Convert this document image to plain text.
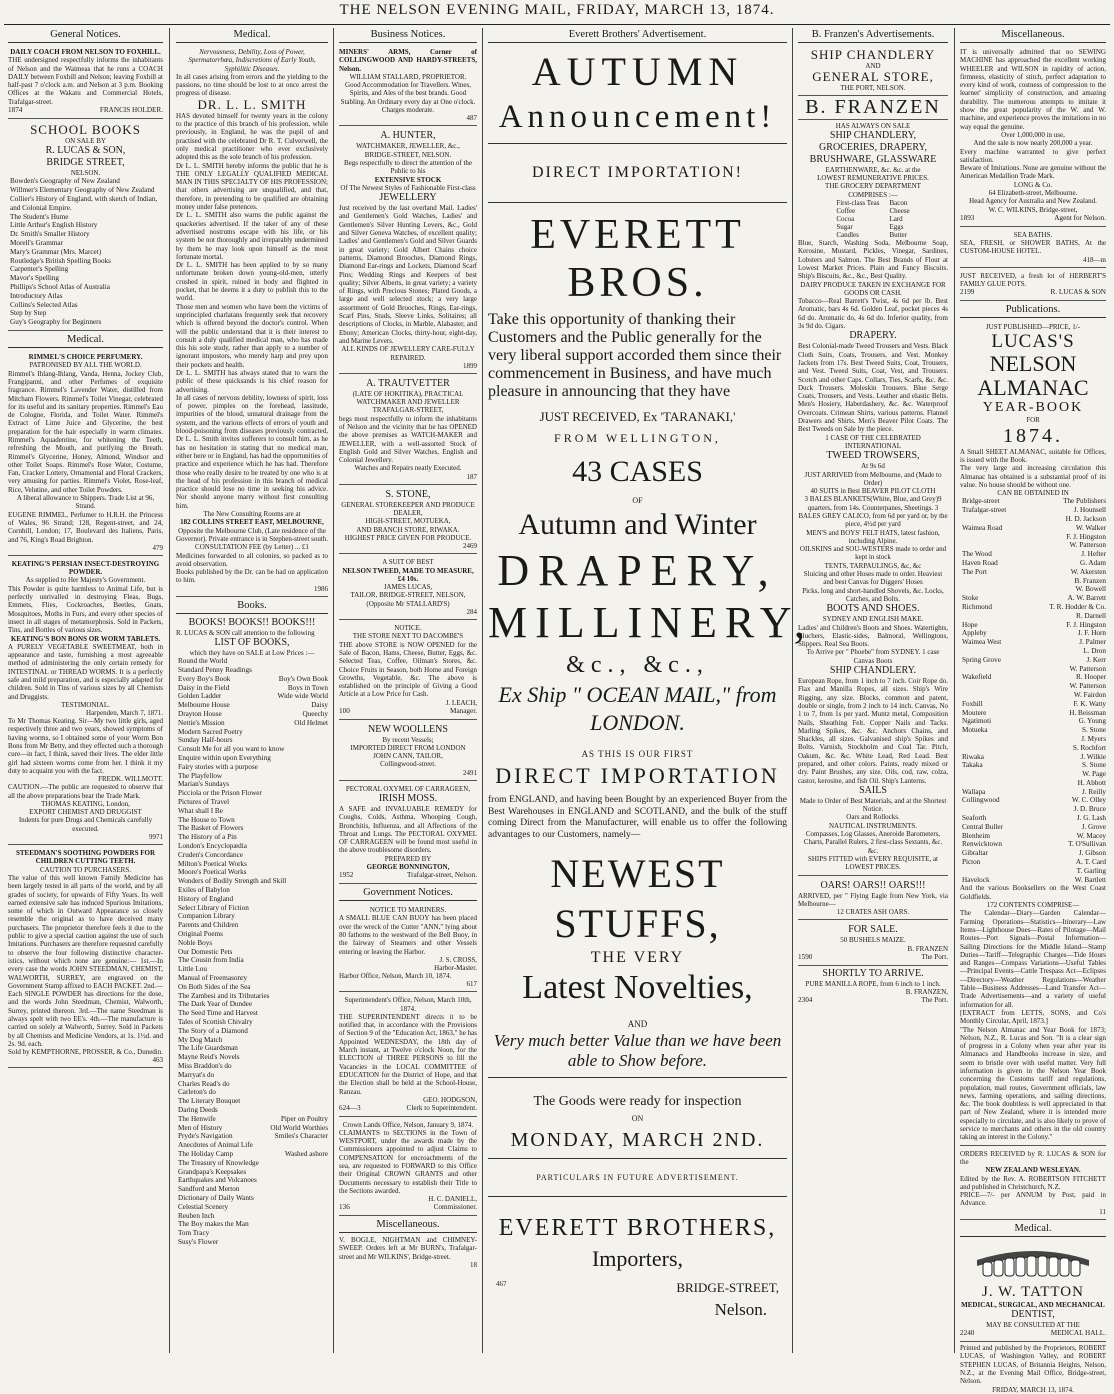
THE NELSON EVENING MAIL, FRIDAY, MARCH 13, 1874.
General Notices.
DAILY COACH FROM NELSON TO FOXHILL.
THE undersigned respectfully informs the inhabitants of Nelson and the Waimeas that he runs a COACH DAILY between Foxhill and Nelson; leaving Foxhill at half-past 7 o'clock a.m. and Nelson at 3 p.m. Booking Offices at the Wakatu and Commercial Hotels, Trafalgar-street.
1874	FRANCIS HOLDER.
SCHOOL BOOKS
ON SALE BY
R. LUCAS & SON,
BRIDGE STREET,
NELSON.
Bowden's Geography of New Zealand
Willmer's Elementary Geography of New Zealand
Collier's History of England, with sketch of Indian, and Colonial Empire.
The Student's Hume
Little Arthur's English History
Dr. Smith's Smaller History
Morell's Grammar
Mary's Grammar (Mrs. Marcet)
Routledge's British Spelling Books
Carpenter's Spelling
Mavor's Spelling
Phillips's School Atlas of Australia
Introductory Atlas
Collins's Selected Atlas
Step by Step
Guy's Geography for Beginners
Medical.
RIMMEL'S CHOICE PERFUMERY.
PATRONISED BY ALL THE WORLD.
Rimmel's Ihlang-Ihlang, Vanda, Henna, Jockey Club, Frangipanni, and other Perfumes of exquisite fragrance. Rimmel's Lavender Water, distilled from Mitcham Flowers. Rimmel's Toilet Vinegar, celebrated for its useful and its sanitary properties. Rimmel's Eau de Cologne, Florida, and Toilet Water. Rimmel's Extract of Lime Juice and Glycerine, the best preparation for the hair especially in warm climates. Rimmel's Aquadentine, for whitening the Teeth, refreshing the Mouth, and purifying the Breath. Rimmel's Glycerine, Honey, Almond, Windsor and other Toilet Soaps. Rimmel's Rose Water, Costume, Fan, Cracker Lottery, Ornamental and Floral Crackers, very amusing for parties. Rimmel's Violet, Rose-leaf, Rice, Velutine, and other Toilet Powders.
A liberal allowance to Shippers. Trade List at 96, Strand.
EUGENE RIMMEL, Perfumer to H.R.H. the Princess of Wales, 96 Strand; 128, Regent-street, and 24, Cornhill, London; 17, Boulevard des Italiens, Paris, and 76, King's Road Brighton.
479
KEATING'S PERSIAN INSECT-DESTROYING POWDER.
As supplied to Her Majesty's Government.
This Powder is quite harmless to Animal Life, but is perfectly unrivalled in destroying Fleas, Bugs, Emmets, Flies, Cockroaches, Beetles, Gnats, Mosquitoes, Moths in Furs, and every other species of insect in all stages of metamorphosis. Sold in Packets, Tins, and Bottles of various sizes.
KEATING'S BON BONS OR WORM TABLETS.
A PURELY VEGETABLE SWEETMEAT, both in appearance and taste, furnishing a most agreeable method of administering the only certain remedy for INTESTINAL or THREAD WORMS. It is a perfectly safe and mild preparation, and is especially adapted for children. Sold in Tins of various sizes by all Chemists and Druggists.
TESTIMONIAL.
Harpenden, March 7, 1871.
To Mr Thomas Keating. Sir—My two little girls, aged respectively three and two years, showed symptoms of having worms, so I obtained some of your Worm Bon Bons from Mr Betty, and they effected such a thorough cure—in fact, I think, saved their lives. The elder little girl had sixteen worms come from her. I think it my duty to acquaint you with the fact.
FREDK. WILLMOTT.
CAUTION.—The public are requested to observe that all the above preparations bear the Trade Mark.
THOMAS KEATING, London,
EXPORT CHEMIST AND DRUGGIST
Indents for pure Drugs and Chemicals carefully executed.
9971
STEEDMAN'S SOOTHING POWDERS FOR CHILDREN CUTTING TEETH.
CAUTION TO PURCHASERS.
The value of this well known Family Medicine has been largely tested in all parts of the world, and by all grades of society, for upwards of Fifty Years. Its well earned extensive sale has induced Spurious Imitations, some of which in Outward Appearance so closely resemble the original as to have deceived many purchasers. The proprietor therefore feels it due to the public to give a special caution against the use of such Imitations. Purchasers are therefore requested carefully to observe the four following distinctive character-istics, without which none are genuine:— 1st.—In every case the words JOHN STEEDMAN, CHEMIST, WALWORTH, SURREY, are engraved on the Government Stamp affixed to EACH PACKET. 2nd.—Each SINGLE POWDER has directions for the dose, and the words John Steedman, Chemist, Walworth, Surrey, printed thereon. 3rd.—The name Steedman is always spelt with two EE's. 4th.—The manufacture is carried on solely at Walworth, Surrey. Sold in Packets by all Chemists and Medicine Vendors, at 1s. 1½d. and 2s. 9d. each.
Sold by KEMPTHORNE, PROSSER, & Co., Dunedin.
463
Medical.
Nervousness, Debility, Loss of Power, Spermatorrhœa, Indiscretions of Early Youth, Syphilitic Diseases.
In all cases arising from errors and the yielding to the passions, no time should be lost to at once arrest the progress of disease.
DR. L. L. SMITH
HAS devoted himself for twenty years in the colony to the practice of this branch of his profession, while previously, in England, he was the pupil of and practised with the celebrated Dr R. T. Culverwell, the only medical practitioner who ever exclusively adopted this as the sole branch of his profession.
Dr L. L. SMITH hereby informs the public that he is THE ONLY LEGALLY QUALIFIED MEDICAL MAN IN THIS SPECIALTY OF HIS PROFESSION; that others advertising are unqualified, and that, therefore, in pretending to be qualified are obtaining money under false pretences.
Dr L. L. SMITH also warns the public against the quackeries advertised. If the taker of any of these advertised nostrums escape with his life, or his system be not thoroughly and irreparably undermined by them he may look upon himself as the most fortunate mortal.
Dr L. L. SMITH has been applied to by so many unfortunate broken down young-old-men, utterly crushed in spirit, ruined in body and flighted in pocket, that he deems it a duty to publish this to the world.
Those men and women who have been the victims of unprincipled charlatans frequently seek that recovery which is offered beyond the doctor's control. When will the public understand that it is their interest to consult a duly qualified medical man, who has made this his sole study, rather than apply to a number of ignorant impostors, who merely harp and prey upon their pockets and health.
Dr L. L. SMITH has always stated that to warn the public of these quicksands is his chief reason for advertising.
In all cases of nervous debility, lowness of spirit, loss of power, pimples on the forehead, lassitude, impurities of the blood, unnatural drainage from the system, and the various effects of errors of youth and blood-poisoning from diseases previously contracted, Dr L. L. Smith invites sufferers to consult him, as he has no hesitation in stating that no medical man, either here or in England, has had the opportunities of practice and experience which he has had. Therefore those who really desire to be treated by one who is at the head of his profession in this branch of medical practice should lose no time in seeking his advice. Nor should anyone marry without first consulting him.
The New Consulting Rooms are at
182 COLLINS STREET EAST, MELBOURNE,
Opposite the Melbourne Club, (Late residence of the Governor). Private entrance is in Stephen-street south.
CONSULTATION FEE (by Letter) ... £1
Medicines forwarded to all colonies, so packed as to avoid observation.
Books published by the Dr. can be had on application to him.
1986
Books.
BOOKS! BOOKS!! BOOKS!!!
R. LUCAS & SON call attention to the following
LIST OF BOOKS,
which they have on SALE at Low Prices :—
Round the World
Standard Penny Readings
Every Boy's Book	Boy's Own Book
Daisy in the Field	Boys in Town
Golden Ladder	Wide wide World
Melbourne House	Daisy
Drayton House	Queechy
Nettie's Mission	Old Helmet
Modern Sacred Poetry
Sunday Half-hours
Consult Me for all you want to know
Enquire within upon Everything
Fairy stories with a purpose
The Playfellow
Marian's Sundays
Picciola or the Prison Flower
Pictures of Travel
What shall I Be
The House to Town
The Basket of Flowers
The History of a Pin
London's Encyclopædia
Cruden's Concordance
Milton's Poetical Works
Moore's Poetical Works
Wonders of Bodily Strength and Skill
Exiles of Babylon
History of England
Select Library of Fiction
Companion Library
Parents and Children
Original Poems
Noble Boys
Our Domestic Pets
The Cousin from India
Little Lou
Manual of Freemasonry
On Both Sides of the Sea
The Zambesi and its Tributaries
The Dark Year of Dundee
The Seed Time and Harvest
Tales of Scottish Chivalry
The Story of a Diamond
My Dog Match
The Life Guardsman
Mayne Reid's Novels
Miss Braddon's do
Marryat's do
Charles Read's do
Carleton's do
The Literary Bouquet
Daring Deeds
The Henwife	Piper on Poultry
Men of History	Old World Worthies
Pryde's Navigation	Smiles's Character
Anecdotes of Animal Life
The Holiday Camp	Washed ashore
The Treasury of Knowledge
Grandpapa's Keepsakes
Earthquakes and Volcanoes
Sandford and Merton
Dictionary of Daily Wants
Celestial Scenery
Reuben Inch
The Boy makes the Man
Tom Tracy
Susy's Flower
Business Notices.
MINERS' ARMS, Corner of COLLINGWOOD AND HARDY-STREETS, Nelson.
WILLIAM STALLARD, PROPRIETOR.
Good Accommodation for Travellers. Wines, Spirits, and Ales of the best brands. Good Stabling. An Ordinary every day at One o'clock. Charges moderate.
487
A. HUNTER,
WATCHMAKER, JEWELLER, &c.,
BRIDGE-STREET, NELSON.
Begs respectfully to direct the attention of the Public to his
EXTENSIVE STOCK
Of The Newest Styles of Fashionable First-class
JEWELLERY
Just received by the last overland Mail. Ladies' and Gentlemen's Gold Watches, Ladies' and Gentlemen's Silver Hunting Levers, &c., Gold and Silver Geneva Watches, of excellent quality; Ladies' and Gentlemen's Gold and Silver Guards in great variety; Gold Albert Chains choice patterns, Diamond Brooches, Diamond Rings, Diamond Ear-rings and Lockets, Diamond Scarf Pins; Wedding Rings and Keepers of best quality; Silver Alberts, in great variety; a variety of Rings, with Precious Stones; Plated Goods, a large and well selected stock; a very large assortment of Gold Brooches, Rings, Ear-rings, Scarf Pins, Studs, Sleeve Links, Solitaires; all descriptions of Clocks, in Marble, Alabaster, and Ebony; American Clocks, thirty-hour, eight-day, and Marine Levers.
ALL KINDS OF JEWELLERY CARE-FULLY REPAIRED.
1899
A. TRAUTVETTER
(LATE OF HOKITIKA), PRACTICAL
WATCHMAKER AND JEWELLER
TRAFALGAR-STREET,
begs most respectfully to inform the inhabitants of Nelson and the vicinity that he has OPENED the above premises as WATCH-MAKER and JEWELLER, with a well-assorted Stock of English Gold and Silver Watches, English and Colonial Jewellery.
Watches and Repairs neatly Executed.
187
S. STONE,
GENERAL STOREKEEPER AND PRODUCE DEALER,
HIGH-STREET, MOTUEKA,
AND BRANCH STORE, RIWAKA.
HIGHEST PRICE GIVEN FOR PRODUCE.
2469
A SUIT OF BEST
NELSON TWEED, MADE TO MEASURE, £4 10s.
JAMES LUCAS,
TAILOR, BRIDGE-STREET, NELSON,
(Opposite Mr STALLARD'S)
284
NOTICE.
THE STORE NEXT TO DACOMBE'S
THE above STORE is NOW OPENED for the Sale of Bacon, Hams, Cheese, Butter, Eggs, &c. Selected Teas, Coffee, Oilman's Stores, &c. Choice Fruits in Season, both Home and Foreign Growths, Vegetable, &c. The above is established on the principle of Giving a Good Article at a Low Price for Cash.
J. LEACH,
100	Manager.
NEW WOOLLENS
By recent Vessels;
IMPORTED DIRECT FROM LONDON
JOHN CANN, TAILOR,
Collingwood-street.
2491
PECTORAL OXYMEL OF CARRAGEEN,
IRISH MOSS.
A SAFE and INVALUABLE REMEDY for Coughs, Colds, Asthma, Whooping Cough, Bronchitis, Influenza, and all Affections of the Throat and Lungs. The PECTORAL OXYMEL OF CARRAGEEN will be found most useful in the above troublesome disorders.
PREPARED BY
GEORGE BONNINGTON,
1952	Trafalgar-street, Nelson.
Government Notices.
NOTICE TO MARINERS.
A SMALL BLUE CAN BUOY has been placed over the wreck of the Cutter "ANN," lying about 80 fathoms to the westward of the Bell Buoy, in the fairway of Steamers and other Vessels entering or leaving the Harbor.
J. S. CROSS,
Harbor-Master.
Harbor Office, Nelson, March 10, 1874.
617
Superintendent's Office, Nelson, March 10th, 1874.
THE SUPERINTENDENT directs it to be notified that, in accordance with the Provisions of Section 9 of the "Education Act, 1863," he has Appointed WEDNESDAY, the 18th day of March instant, at Twelve o'clock Noon, for the ELECTION of THREE PERSONS to fill the Vacancies in the LOCAL COMMITTEE of EDUCATION for the District of Hope, and that the Election shall be held at the School-House, Ranzau.
GEO. HODGSON,
624—3	Clerk to Superintendent.
Crown Lands Office, Nelson, January 9, 1874.
CLAIMANTS to SECTIONS in the Town of WESTPORT, under the awards made by the Commissioners appointed to adjust Claims to COMPENSATION for encroachments of the sea, are requested to FORWARD to this Office their Original CROWN GRANTS and other Documents necessary to establish their Title to the Sections awarded.
H. C. DANIELL,
136	Commissioner.
Miscellaneous.
V. BOGLE, NIGHTMAN and CHIMNEY-SWEEP. Orders left at Mr BURN's, Trafalgar-street and Mr WILKINS', Bridge-street.
18
Everett Brothers' Advertisement.
AUTUMN
Announcement!
DIRECT IMPORTATION!
EVERETT BROS.
Take this opportunity of thanking their Customers and the Public generally for the very liberal support accorded them since their commencement in Business, and have much pleasure in announcing that they have
JUST RECEIVED, Ex 'TARANAKI,'
FROM WELLINGTON,
43 CASES
OF
Autumn and Winter
DRAPERY,
MILLINERY,
&c., &c.,
Ex Ship " OCEAN MAIL," from LONDON.
AS THIS IS OUR FIRST
DIRECT IMPORTATION
from ENGLAND, and having been Bought by an experienced Buyer from the Best Warehouses in ENGLAND and SCOTLAND, and the bulk of the stuff coming Direct from the Manufacturer, will enable us to offer the following advantages to our Customers, namely—
NEWEST STUFFS,
THE VERY
Latest Novelties,
AND
Very much better Value than we have been able to Show before.
The Goods were ready for inspection
ON
MONDAY, MARCH 2ND.
PARTICULARS IN FUTURE ADVERTISEMENT.
EVERETT BROTHERS,
Importers,
467	BRIDGE-STREET,
Nelson.
B. Franzen's Advertisements.
SHIP CHANDLERY
AND
GENERAL STORE,
THE PORT, NELSON.
B. FRANZEN
HAS ALWAYS ON SALE
SHIP CHANDLERY,
GROCERIES, DRAPERY,
BRUSHWARE, GLASSWARE
EARTHENWARE, &c. &c. at the
LOWEST REMUNERATIVE PRICES.
THE GROCERY DEPARTMENT
COMPRISES :—
First-class Teas
Coffee
Cocoa
Sugar
Candles
Bacon
Cheese
Lard
Eggs
Butter
Blue, Starch, Washing Soda, Melbourne Soap, Kerosine, Mustard, Pickles, Vinegar, Sardines, Lobsters and Salmon. The Best Brands of Flour at Lowest Market Prices. Plain and Fancy Biscuits. Ship's Biscuits, &c., &c., Best Quality.
DAIRY PRODUCE TAKEN IN EXCHANGE FOR GOODS OR CASH.
Tobacco—Real Barrett's Twist, 4s 6d per lb. Best Aromatic, bars 4s 6d. Golden Leaf, pocket pieces 4s 6d do. Aromatic do, 4s 6d do. Inferior quality, from 3s 9d do. Cigars.
DRAPERY.
Best Colonial-made Tweed Trousers and Vests. Black Cloth Suits, Coats, Trousers, and Vest. Monkey Jackets from 17s. Best Tweed Suits, Coat, Trousers, and Vest. Tweed Suits, Coat, Vest, and Trousers. Scotch and other Caps. Collars, Ties, Scarfs, &c. &c. Duck Trousers. Moleskin Trousers. Blue Serge Coats, Trousers, and Vests. Leather and elastic Belts. Men's Hosiery, Haberdashery, &c. &c. Waterproof Overcoats. Crimean Shirts, various patterns. Flannel Drawers and Shirts. Men's Beaver Pilot Coats. The Best Tweeds on Sale by the piece.
1 CASE OF THE CELEBRATED
INTERNATIONAL
TWEED TROWSERS,
At 9s 6d
JUST ARRIVED from Melbourne, and (Made to Order)
40 SUITS in Best BEAVER PILOT CLOTH
3 BALES BLANKETS(White, Blue, and Grey)9 quarters, from 14s. Counterpanes, Sheetings. 3 BALES GREY CALICO, from 6d per yard or, by the piece, 4½d per yard
MEN'S and BOYS' FELT HATS, latest fashion, including Alpine.
OILSKINS and SOU-WESTERS made to order and kept in stock
TENTS, TARPAULINGS, &c, &c
Sluicing and other Hoses made to order. Heaviest and best Canvas for Diggers' Hoses
Picks, long and short-handled Shovels, &c. Locks, Catches, and Bolts.
BOOTS AND SHOES.
SYDNEY AND ENGLISH MAKE.
Ladies' and Children's Boots and Shoes. Watertights, Bluchers, Elastic-sides, Balmoral, Wellingtons, Slippers. Real Sea Boots.
To Arrive per " Phoebe" from SYDNEY. 1 case Canvas Boots
SHIP CHANDLERY.
European Rope, from 1 inch to 7 inch. Coir Rope do. Flax and Manilla Ropes, all sizes. Ship's Wire Rigging, any size. Blocks, common and patent, double or single, from 2 inch to 14 inch. Canvas, No 1 to 7, from 1s per yard. Muntz metal, Composition Nails, Sheathing Felt. Copper Nails and Tacks. Marling Spikes, &c. &c. Anchors Chains, and Shackles, all sizes. Galvanised ship's Spikes and Bolts. Varnish, Stockholm and Coal Tar. Pitch, Oakum, &c. &c. White Lead, Red Lead. Best prepared, and other colors. Paints, ready mixed or dry. Paint Brushes, any size. Oils, cod, raw, colza, castor, kerosine, and fish Oil. Ship's Lanterns.
SAILS
Made to Order of Best Materials, and at the Shortest Notice.
Oars and Rollocks.
NAUTICAL INSTRUMENTS.
Compasses, Log Glasses, Aneroide Barometers, Charts, Parallel Rulers, 2 first-class Sextants, &c. &c.
SHIPS FITTED with EVERY REQUISITE, at LOWEST PRICES.
OARS! OARS!! OARS!!!
ARRIVED, per " Flying Eagle from New York, via Melbourne—
12 CRATES ASH OARS.
FOR SALE.
50 BUSHELS MAIZE.
B. FRANZEN
1590	The Port.
SHORTLY TO ARRIVE.
PURE MANILLA ROPE, from 6 inch to 1 inch.
B. FRANZEN,
2304	The Port.
Miscellaneous.
IT is universally admitted that no SEWING MACHINE has approached the excellent working WHEELER and WILSON in rapidity of action, firmness, elasticity of stitch, perfect adaptation to every kind of work, costness of compression to the learner' simplicity of construction, and amazing durability. The numerous attempts to imitate it show the great popularity of the W. and W. machine, and experience proves the imitations in no way equal the genuine.
Over 1,000,000 in use,
And the sale is now nearly 200,000 a year.
Every machine warranted to give perfect satisfaction.
Beware of Imitations. None are genuine without the American Medallion Trade Mark.
LONG & Co.
64 Elizabeth-street, Melbourne.
Head Agency for Australia and New Zealand.
W. C. WILKINS, Bridge-street,
1893	Agent for Nelson.
SEA BATHS.
SEA, FRESH, or SHOWER BATHS, At the CUSTOM-HOUSE HOTEL.
418—m
JUST RECEIVED, a fresh lot of HERBERT'S FAMILY GLUE POTS.
2199	R. LUCAS & SON
Publications.
JUST PUBLISHED—PRICE, 1/-
LUCAS'S
NELSON ALMANAC
YEAR-BOOK
FOR
1874.
A Small SHEET ALMANAC, suitable for Offices, is issued with the Book.
The very large and increasing circulation this Almanac has obtained is a substantial proof of its value. No house should be without one.
CAN BE OBTAINED IN
Bridge-street	The Publishers
Trafalgar-street	J. Hounsell
H. D. Jackson
Waimea Road	W. Walker
F. J. Hingston
W. Patterson
The Wood	J. Hefter
Haven Road	G. Adam
The Port	W. Akersten
B. Franzen
W. Bowell
Stoke	A. W. Barrett
Richmond	T. R. Hodder & Co.
R. Darnell
Hope	F. J. Hingston
Appleby	J. F. Horn
Waimea West	J. Palmer
L. Dron
Spring Grove	J. Kerr
W. Patterson
Wakefield	R. Hooper
W. Patterson
W. Fairdon
Foxhill	F. K. Watty
Moutere	H. Beissman
Ngatimoti	G. Young
Motueka	S. Stone
J. Myers
S. Rochfort
Riwaka	J. Wilkie
Takaka	S. Stone
W. Page
H. Abbott
Wallapa	J. Reilly
Collingwood	W. C. Olley
J. D. Bruce
Seaforth	J. G. Lash
Central Buller	J. Grove
Blenheim	W. Macey
Renwicktown	T. O'Sullivan
Gibraltar	J. Gibson
Picton	A. T. Card
T. Garling
Havelock	W. Bartlett
And the various Booksellers on the West Coast Goldfields.
172 CONTENTS COMPRISE—
The Calendar—Diary—Garden Calendar—Farming Operations—Statistics—Itinerary—Law Items—Lighthouse Dues—Rates of Pilotage—Mail Routes—Port Signals—Postal Information—Sailing Directions for the Middle Island—Stamp Duties—Tariff—Telegraphic Charges—Tide Hours and Ranges—Compass Variations—Useful Tables—Principal Events—Cattle Trespass Act—Eclipses—Directory—Weather Regulations—Weather Table—Business Addresses—Land Transfer Act—Trade Advertisements—and a variety of useful information for all.
[EXTRACT from LETTS, SONS, and Co's Monthly Circular, April, 1873.]
"The Nelson Almanac and Year Book for 1873; Nelson, N.Z., R. Lucas and Son. "It is a clear sign of progress in a Colony when year after year its Almanacs and Handbooks increase in size, and seem to bristle over with useful matter. Very full information is given in the Nelson Year Book concerning the Customs tariff and regulations, population, mail routes, Government officials, law news, farming operations, and sailing directions, &c. The book doubtless is well appreciated in that part of New Zealand, where it is intended more especially to circulate, and is also likely to prove of service to merchants and others in the old country taking an interest in the Colony."
ORDERS RECEIVED by R. LUCAS & SON for the
NEW ZEALAND WESLEYAN.
Edited by the Rev. A. ROBERTSON FITCHETT and published in Christchurch, N.Z.
PRICE—7/- per ANNUM by Post, paid in Advance.
11
Medical.
J. W. TATTON
MEDICAL, SURGICAL, AND MECHANICAL
DENTIST,
MAY BE CONSULTED AT THE
2240	MEDICAL HALL.
Printed and published by the Proprietors, ROBERT LUCAS, of Washington Valley, and ROBERT STEPHEN LUCAS, of Britannia Heights, Nelson, N.Z., at the Evening Mail Office, Bridge-street, Nelson.
FRIDAY, MARCH 13, 1874.
